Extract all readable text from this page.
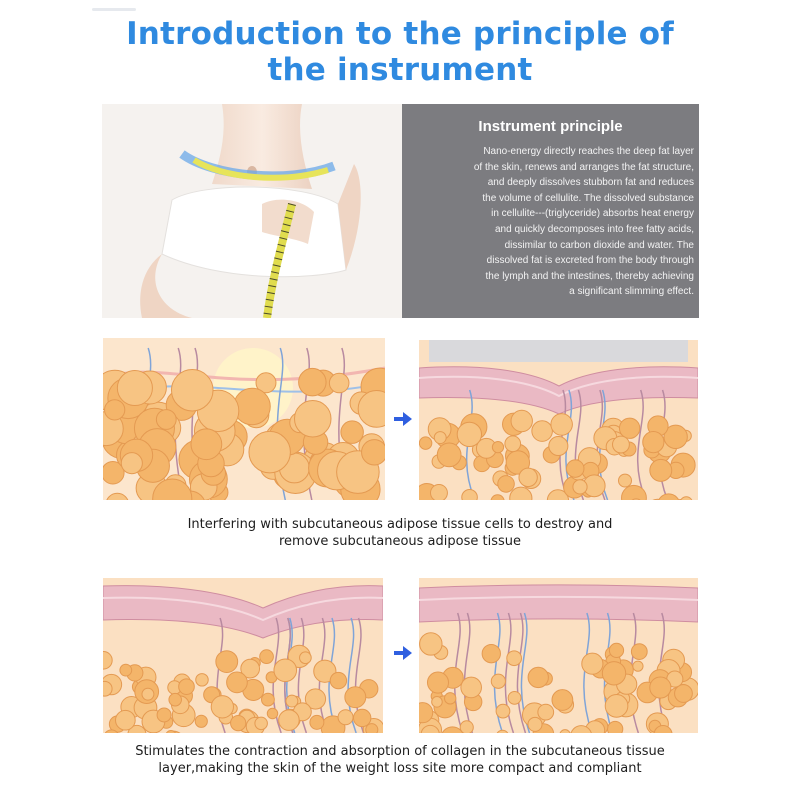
Introduction to the principle of
the instrument
Instrument principle
Nano-energy directly reaches the deep fat layer
of the skin, renews and arranges the fat structure,
and deeply dissolves stubborn fat and reduces
the volume of cellulite. The dissolved substance
in cellulite---(triglyceride) absorbs heat energy
and quickly decomposes into free fatty acids,
dissimilar to carbon dioxide and water. The
dissolved fat is excreted from the body through
the lymph and the intestines, thereby achieving
a significant slimming effect.
Interfering with subcutaneous adipose tissue cells to destroy and
remove subcutaneous adipose tissue
Stimulates the contraction and absorption of collagen in the subcutaneous tissue
layer,making the skin of the weight loss site more compact and compliant
